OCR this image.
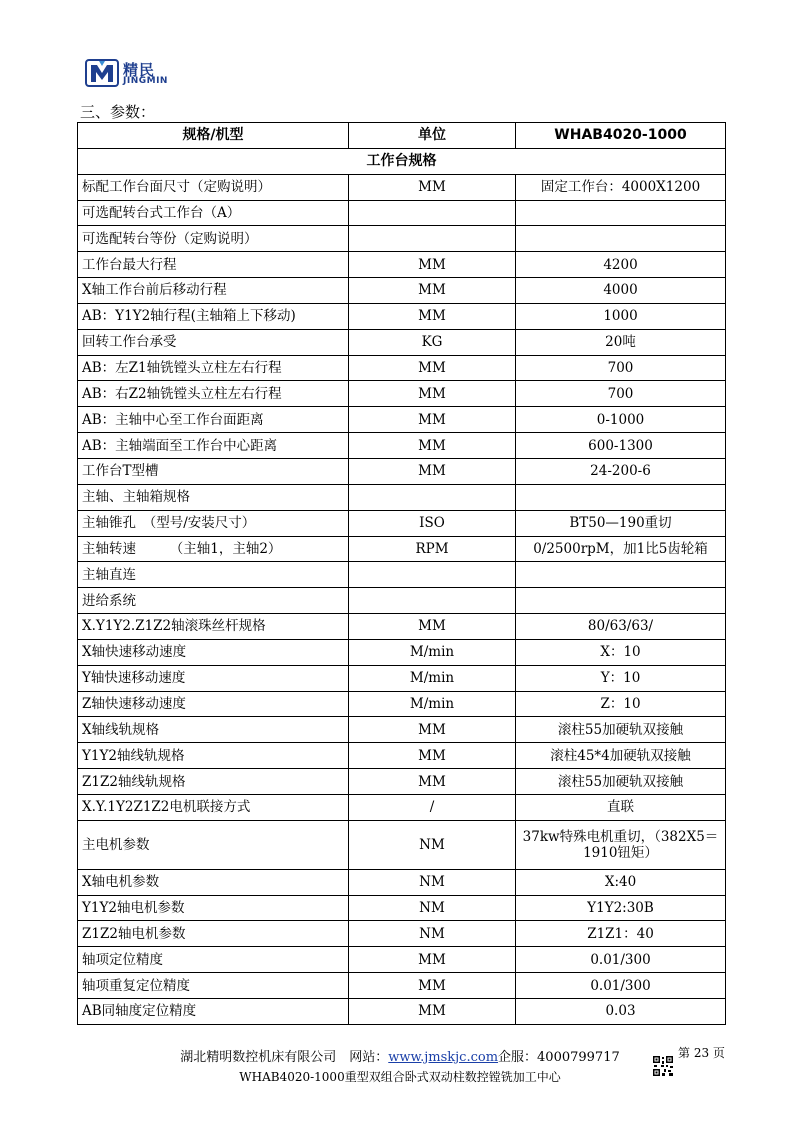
精民
JINGMIN
三、参数：
规格/机型	单位	WHAB4020-1000
工作台规格		
标配工作台面尺寸（定购说明）	MM	固定工作台：4000X1200
可选配转台式工作台（A）		
可选配转台等份（定购说明）		
工作台最大行程	MM	4200
X轴工作台前后移动行程	MM	4000
AB：Y1Y2轴行程(主轴箱上下移动)	MM	1000
回转工作台承受	KG	20吨
AB：左Z1轴铣镗头立柱左右行程	MM	700
AB：右Z2轴铣镗头立柱左右行程	MM	700
AB：主轴中心至工作台面距离	MM	0-1000
AB：主轴端面至工作台中心距离	MM	600-1300
工作台T型槽	MM	24-200-6
主轴、主轴箱规格		
主轴锥孔　（型号/安装尺寸）	ISO	BT50—190重切
主轴转速　　　（主轴1，主轴2）	RPM	0/2500rpM，加1比5齿轮箱
主轴直连		
进给系统		
X.Y1Y2.Z1Z2轴滚珠丝杆规格	MM	80/63/63/
X轴快速移动速度	M/min	X：10
Y轴快速移动速度	M/min	Y：10
Z轴快速移动速度	M/min	Z：10
X轴线轨规格	MM	滚柱55加硬轨双接触
Y1Y2轴线轨规格	MM	滚柱45*4加硬轨双接触
Z1Z2轴线轨规格	MM	滚柱55加硬轨双接触
X.Y.1Y2Z1Z2电机联接方式	/	直联
主电机参数	NM	37kw特殊电机重切，（382X5＝1910钮矩）
X轴电机参数	NM	X:40
Y1Y2轴电机参数	NM	Y1Y2:30B
Z1Z2轴电机参数	NM	Z1Z1：40
轴项定位精度	MM	0.01/300
轴项重复定位精度	MM	0.01/300
AB同轴度定位精度	MM	0.03
湖北精明数控机床有限公司　网站：www.jmskjc.com企服：4000799717	第 23 页
WHAB4020-1000重型双组合卧式双动柱数控镗铣加工中心
